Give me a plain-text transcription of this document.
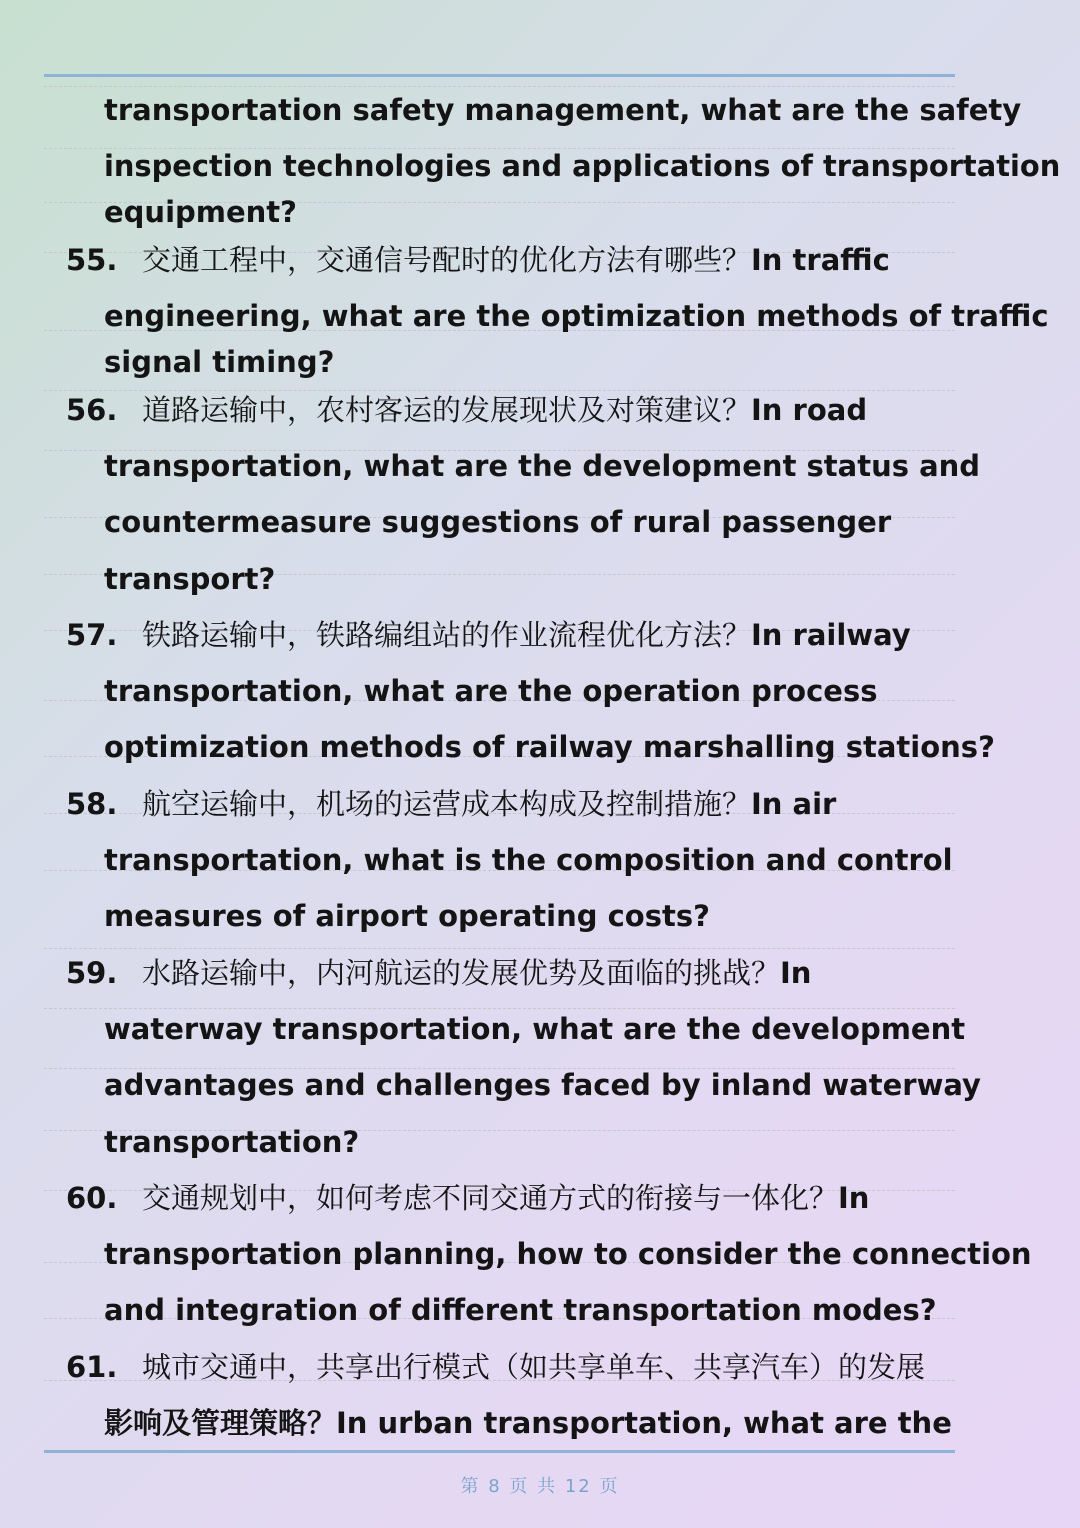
transportation safety management, what are the safety
inspection technologies and applications of transportation
equipment?
55. 交通工程中，交通信号配时的优化方法有哪些？In traffic
engineering, what are the optimization methods of traffic
signal timing?
56. 道路运输中，农村客运的发展现状及对策建议？In road
transportation, what are the development status and
countermeasure suggestions of rural passenger
transport?
57. 铁路运输中，铁路编组站的作业流程优化方法？In railway
transportation, what are the operation process
optimization methods of railway marshalling stations?
58. 航空运输中，机场的运营成本构成及控制措施？In air
transportation, what is the composition and control
measures of airport operating costs?
59. 水路运输中，内河航运的发展优势及面临的挑战？In
waterway transportation, what are the development
advantages and challenges faced by inland waterway
transportation?
60. 交通规划中，如何考虑不同交通方式的衔接与一体化？In
transportation planning, how to consider the connection
and integration of different transportation modes?
61. 城市交通中，共享出行模式（如共享单车、共享汽车）的发展
影响及管理策略？In urban transportation, what are the
第 8 页 共 12 页
